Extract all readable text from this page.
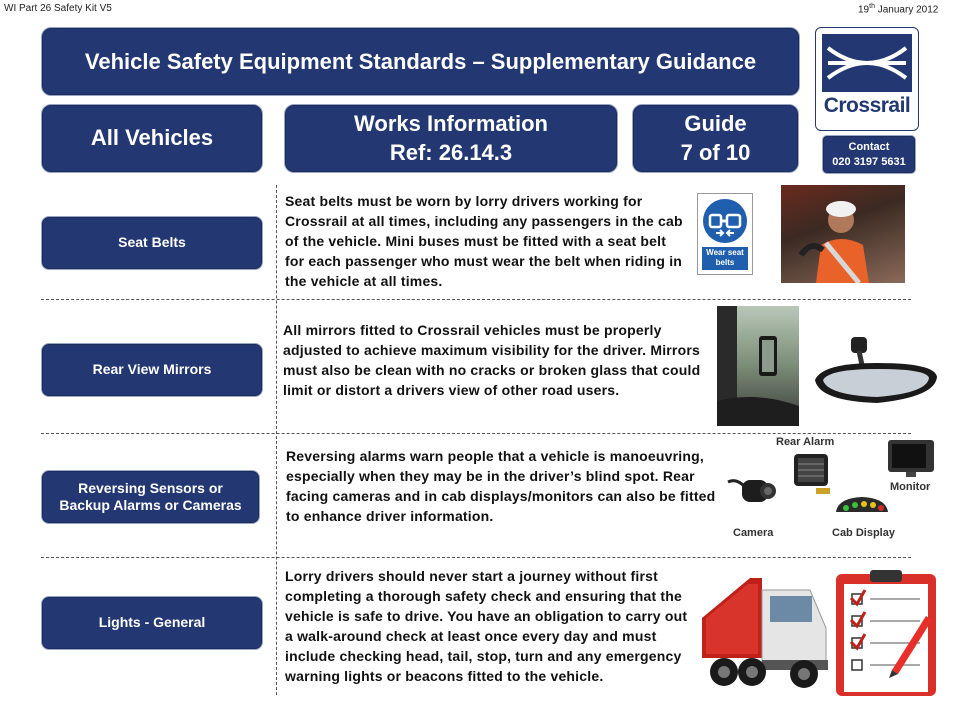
WI Part 26 Safety Kit V5	19th January 2012
Vehicle Safety Equipment Standards – Supplementary Guidance
Crossrail
All Vehicles
Works Information
Ref: 26.14.3
Guide
7 of 10	Contact
020 3197 5631
Seat Belts
Seat belts must be worn by lorry drivers working for Crossrail at all times, including any passengers in the cab of the vehicle. Mini buses must be fitted with a seat belt for each passenger who must wear the belt when riding in the vehicle at all times.
Wear seat belts
Rear View Mirrors
All mirrors fitted to Crossrail vehicles must be properly adjusted to achieve maximum visibility for the driver. Mirrors must also be clean with no cracks or broken glass that could limit or distort a drivers view of other road users.
Reversing Sensors or
Backup Alarms or Cameras
Reversing alarms warn people that a vehicle is manoeuvring, especially when they may be in the driver’s blind spot. Rear facing cameras and in cab displays/monitors can also be fitted to enhance driver information.
Rear Alarm
Monitor
Camera	Cab Display
Lights - General
Lorry drivers should never start a journey without first completing a thorough safety check and ensuring that the vehicle is safe to drive. You have an obligation to carry out a walk-around check at least once every day and must include checking head, tail, stop, turn and any emergency warning lights or beacons fitted to the vehicle.
